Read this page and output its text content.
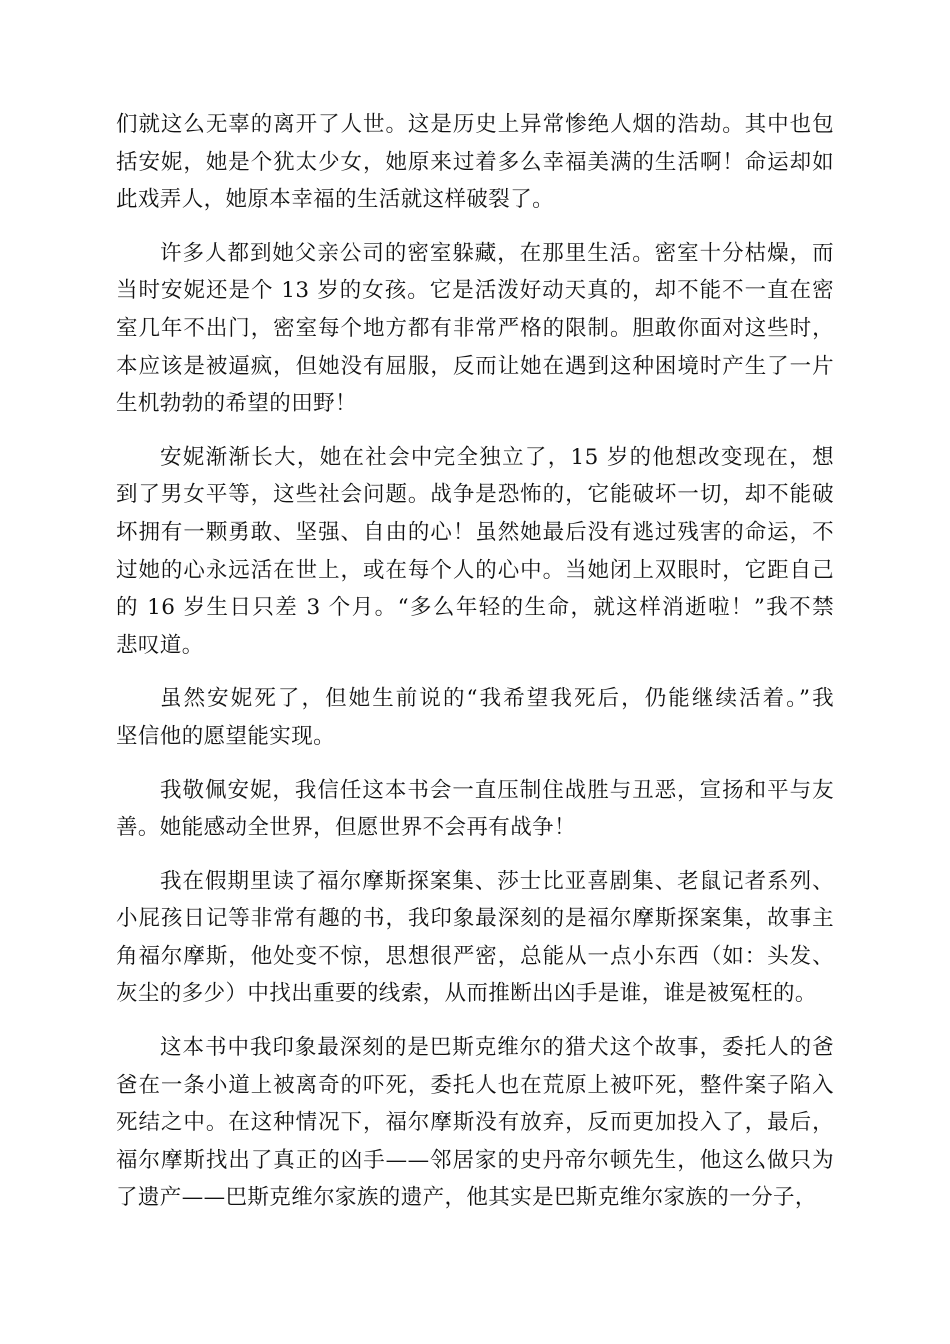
们就这么无辜的离开了人世。这是历史上异常惨绝人烟的浩劫。其中也包
括安妮，她是个犹太少女，她原来过着多么幸福美满的生活啊！命运却如
此戏弄人，她原本幸福的生活就这样破裂了。
许多人都到她父亲公司的密室躲藏，在那里生活。密室十分枯燥，而
当时安妮还是个 13 岁的女孩。它是活泼好动天真的，却不能不一直在密
室几年不出门，密室每个地方都有非常严格的限制。胆敢你面对这些时，
本应该是被逼疯，但她没有屈服，反而让她在遇到这种困境时产生了一片
生机勃勃的希望的田野！
安妮渐渐长大，她在社会中完全独立了，15 岁的他想改变现在，想
到了男女平等，这些社会问题。战争是恐怖的，它能破坏一切，却不能破
坏拥有一颗勇敢、坚强、自由的心！虽然她最后没有逃过残害的命运，不
过她的心永远活在世上，或在每个人的心中。当她闭上双眼时，它距自己
的 16 岁生日只差 3 个月。“多么年轻的生命，就这样消逝啦！”我不禁
悲叹道。
虽然安妮死了，但她生前说的“我希望我死后，仍能继续活着。”我
坚信他的愿望能实现。
我敬佩安妮，我信任这本书会一直压制住战胜与丑恶，宣扬和平与友
善。她能感动全世界，但愿世界不会再有战争！
我在假期里读了福尔摩斯探案集、莎士比亚喜剧集、老鼠记者系列、
小屁孩日记等非常有趣的书，我印象最深刻的是福尔摩斯探案集，故事主
角福尔摩斯，他处变不惊，思想很严密，总能从一点小东西（如：头发、
灰尘的多少）中找出重要的线索，从而推断出凶手是谁，谁是被冤枉的。
这本书中我印象最深刻的是巴斯克维尔的猎犬这个故事，委托人的爸
爸在一条小道上被离奇的吓死，委托人也在荒原上被吓死，整件案子陷入
死结之中。在这种情况下，福尔摩斯没有放弃，反而更加投入了，最后，
福尔摩斯找出了真正的凶手——邻居家的史丹帝尔顿先生，他这么做只为
了遗产——巴斯克维尔家族的遗产，他其实是巴斯克维尔家族的一分子，
